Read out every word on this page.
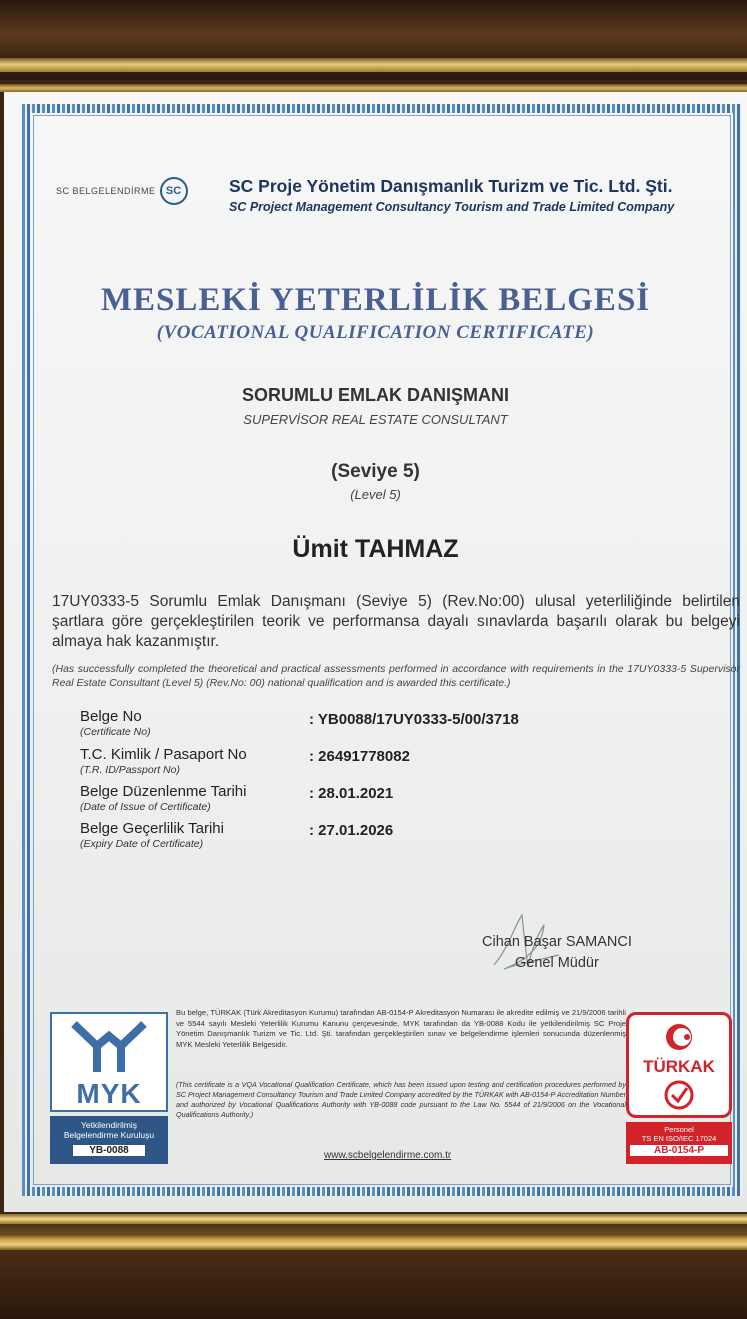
SC BELGELENDİRME SC	SC Proje Yönetim Danışmanlık Turizm ve Tic. Ltd. Şti.
SC Project Management Consultancy Tourism and Trade Limited Company
MESLEKİ YETERLİLİK BELGESİ
(VOCATIONAL QUALIFICATION CERTIFICATE)
SORUMLU EMLAK DANIŞMANI
SUPERVİSOR REAL ESTATE CONSULTANT
(Seviye 5)
(Level 5)
Ümit TAHMAZ
17UY0333-5 Sorumlu Emlak Danışmanı (Seviye 5) (Rev.No:00) ulusal yeterliliğinde belirtilen şartlara göre gerçekleştirilen teorik ve performansa dayalı sınavlarda başarılı olarak bu belgeyi almaya hak kazanmıştır.
(Has successfully completed the theoretical and practical assessments performed in accordance with requirements in the 17UY0333-5 Supervisor Real Estate Consultant (Level 5) (Rev.No: 00) national qualification and is awarded this certificate.)
Belge No
(Certificate No)
: YB0088/17UY0333-5/00/3718
T.C. Kimlik / Pasaport No
(T.R. ID/Passport No)
: 26491778082
Belge Düzenlenme Tarihi
(Date of Issue of Certificate)
: 28.01.2021
Belge Geçerlilik Tarihi
(Expiry Date of Certificate)
: 27.01.2026
Cihan Başar SAMANCI
Genel Müdür
MYK
Yetkilendirilmiş
Belgelendirme Kuruluşu
YB-0088
Bu belge, TÜRKAK (Türk Akreditasyon Kurumu) tarafından AB-0154-P Akreditasyon Numarası ile akredite edilmiş ve 21/9/2006 tarihli ve 5544 sayılı Mesleki Yeterlilik Kurumu Kanunu çerçevesinde, MYK tarafından da YB-0088 Kodu ile yetkilendirilmiş SC Proje Yönetim Danışmanlık Turizm ve Tic. Ltd. Şti. tarafından gerçekleştirilen sınav ve belgelendirme işlemleri sonucunda düzenlenmiş MYK Mesleki Yeterlilik Belgesidir.
(This certificate is a VQA Vocational Qualification Certificate, which has been issued upon testing and certification procedures performed by SC Project Management Consultancy Tourism and Trade Limited Company accredited by the TÜRKAK with AB-0154-P Accreditation Number and authorized by Vocational Qualifications Authority with YB-0088 code pursuant to the Law No. 5544 of 21/9/2006 on the Vocational Qualifications Authority.)
www.scbelgelendirme.com.tr
TÜRKAK
Personel
TS EN ISO/IEC 17024
AB-0154-P
